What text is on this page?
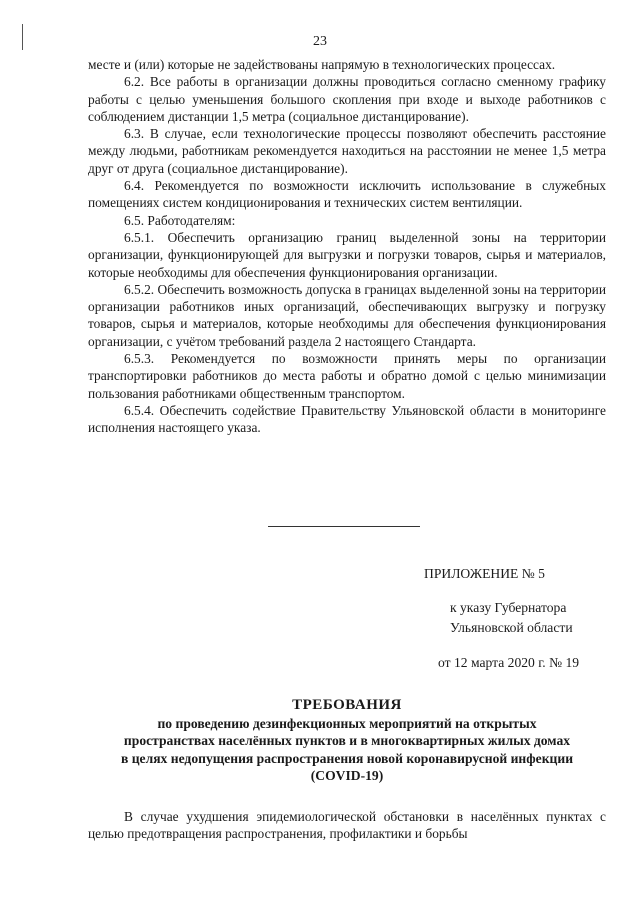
23

месте и (или) которые не задействованы напрямую в технологических процессах.

6.2. Все работы в организации должны проводиться согласно сменному графику работы с целью уменьшения большого скопления при входе и выходе работников с соблюдением дистанции 1,5 метра (социальное дистанцирование).

6.3. В случае, если технологические процессы позволяют обеспечить расстояние между людьми, работникам рекомендуется находиться на расстоянии не менее 1,5 метра друг от друга (социальное дистанцирование).

6.4. Рекомендуется по возможности исключить использование в служебных помещениях систем кондиционирования и технических систем вентиляции.

6.5. Работодателям:

6.5.1. Обеспечить организацию границ выделенной зоны на территории организации, функционирующей для выгрузки и погрузки товаров, сырья и материалов, которые необходимы для обеспечения функционирования организации.

6.5.2. Обеспечить возможность допуска в границах выделенной зоны на территории организации работников иных организаций, обеспечивающих выгрузку и погрузку товаров, сырья и материалов, которые необходимы для обеспечения функционирования организации, с учётом требований раздела 2 настоящего Стандарта.

6.5.3. Рекомендуется по возможности принять меры по организации транспортировки работников до места работы и обратно домой с целью минимизации пользования работниками общественным транспортом.

6.5.4. Обеспечить содействие Правительству Ульяновской области в мониторинге исполнения настоящего указа.

ПРИЛОЖЕНИЕ № 5
к указу Губернатора
Ульяновской области
от 12 марта 2020 г. № 19
ТРЕБОВАНИЯ
по проведению дезинфекционных мероприятий на открытых
пространствах населённых пунктов и в многоквартирных жилых домах
в целях недопущения распространения новой коронавирусной инфекции
(COVID-19)

В случае ухудшения эпидемиологической обстановки в населённых пунктах с целью предотвращения распространения, профилактики и борьбы
